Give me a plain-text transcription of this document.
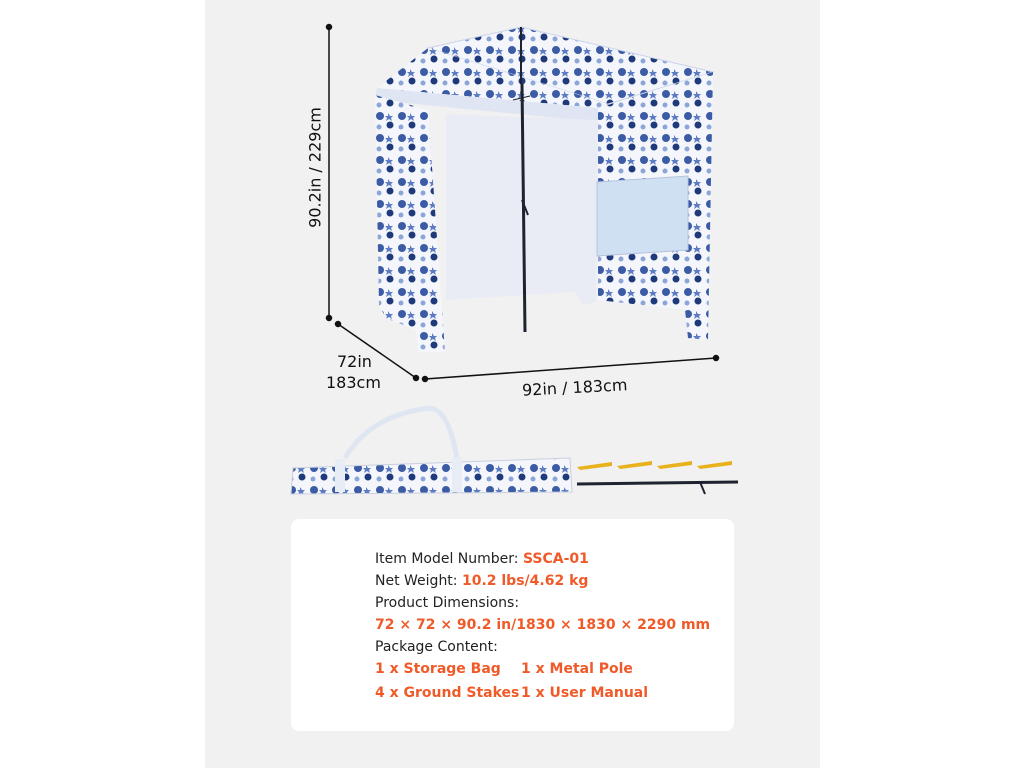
90.2in / 229cm
72in
183cm	92in / 183cm
Item Model Number: SSCA-01
Net Weight: 10.2 lbs/4.62 kg
Product Dimensions:
72 × 72 × 90.2 in/1830 × 1830 × 2290 mm
Package Content:
1 x Storage Bag	1 x Metal Pole
4 x Ground Stakes 1 x User Manual
